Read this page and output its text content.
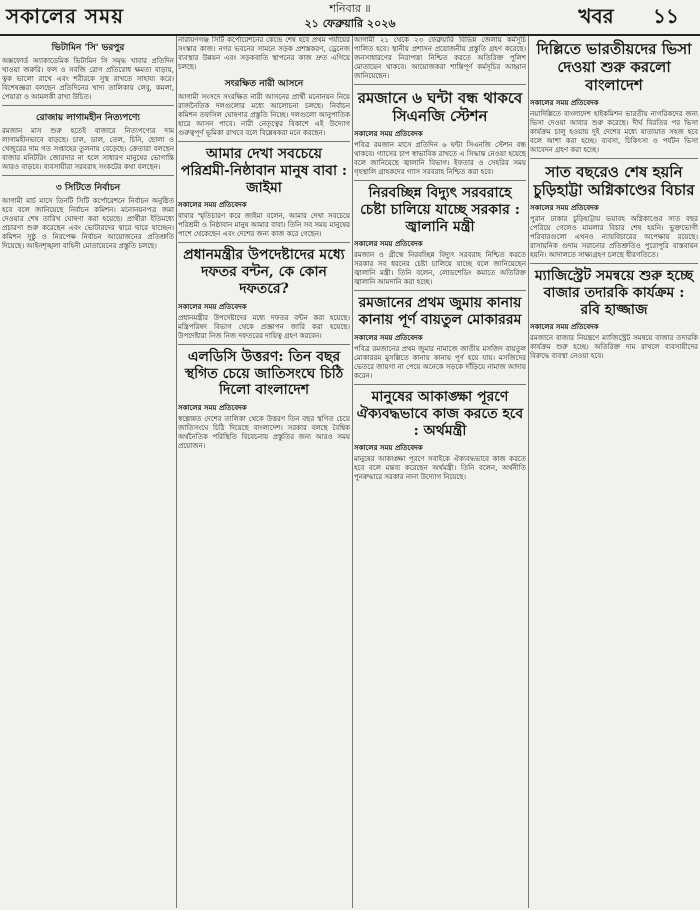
সকালের সময়	শনিবার ॥
২১ ফেব্রুয়ারি ২০২৬	খবর	১১
ভিটামিন 'সি' ভরপুর

অক্সফোর্ড অ্যাকাডেমিক ভিটামিন সি সমৃদ্ধ খাবার প্রতিদিন খাওয়া জরুরি। ফল ও সবজি রোগ প্রতিরোধ ক্ষমতা বাড়ায়, ত্বক ভালো রাখে এবং শরীরকে সুস্থ রাখতে সাহায্য করে। বিশেষজ্ঞরা বলছেন প্রতিদিনের খাদ্য তালিকায় লেবু, কমলা, পেয়ারা ও আমলকী রাখা উচিত।

রোজায় লাগামহীন নিত্যপণ্যে

রমজান মাস শুরু হতেই বাজারে নিত্যপণ্যের দাম লাগামহীনভাবে বাড়ছে। চাল, ডাল, তেল, চিনি, ছোলা ও খেজুরের দাম গত সপ্তাহের তুলনায় বেড়েছে। ক্রেতারা বলছেন বাজার মনিটরিং জোরদার না হলে সাধারণ মানুষের ভোগান্তি আরও বাড়বে। ব্যবসায়ীরা সরবরাহ সংকটের কথা বলছেন।

৩ সিটিতে নির্বাচন

আগামী মার্চ মাসে তিনটি সিটি কর্পোরেশনে নির্বাচন অনুষ্ঠিত হবে বলে জানিয়েছে নির্বাচন কমিশন। মনোনয়নপত্র জমা দেওয়ার শেষ তারিখ ঘোষণা করা হয়েছে। প্রার্থীরা ইতিমধ্যে প্রচারণা শুরু করেছেন এবং ভোটারদের দ্বারে দ্বারে যাচ্ছেন। কমিশন সুষ্ঠু ও নিরপেক্ষ নির্বাচন আয়োজনের প্রতিশ্রুতি দিয়েছে। আইনশৃঙ্খলা বাহিনী মোতায়েনের প্রস্তুতি চলছে।

নারায়ণগঞ্জ সিটি কর্পোরেশনের কেন্দ্রে শেষ হবে প্রথম পর্যায়ের সংস্কার কাজ। নগর ভবনের সামনে সড়ক প্রশস্তকরণ, ড্রেনেজ ব্যবস্থার উন্নয়ন এবং সড়কবাতি স্থাপনের কাজ দ্রুত এগিয়ে চলছে।

সংরক্ষিত নারী আসনে

আগামী সংসদে সংরক্ষিত নারী আসনের প্রার্থী মনোনয়ন নিয়ে রাজনৈতিক দলগুলোর মধ্যে আলোচনা চলছে। নির্বাচন কমিশন তফসিল ঘোষণার প্রস্তুতি নিচ্ছে। দলগুলো আনুপাতিক হারে আসন পাবে। নারী নেতৃত্বের বিকাশে এই উদ্যোগ গুরুত্বপূর্ণ ভূমিকা রাখবে বলে বিশ্লেষকরা মনে করছেন।

আমার দেখা সবচেয়ে পরিশ্রমী-নিষ্ঠাবান মানুষ বাবা : জাইমা
সকালের সময় প্রতিবেদক

বাবার স্মৃতিচারণ করে জাইমা বলেন, আমার দেখা সবচেয়ে পরিশ্রমী ও নিষ্ঠাবান মানুষ আমার বাবা। তিনি সব সময় মানুষের পাশে থেকেছেন এবং দেশের জন্য কাজ করে গেছেন।

প্রধানমন্ত্রীর উপদেষ্টাদের মধ্যে দফতর বন্টন, কে কোন দফতরে?
সকালের সময় প্রতিবেদক

প্রধানমন্ত্রীর উপদেষ্টাদের মধ্যে দফতর বন্টন করা হয়েছে। মন্ত্রিপরিষদ বিভাগ থেকে প্রজ্ঞাপন জারি করা হয়েছে। উপদেষ্টারা নিজ নিজ দফতরের দায়িত্ব গ্রহণ করবেন।

এলডিসি উত্তরণ: তিন বছর স্থগিত চেয়ে জাতিসংঘে চিঠি দিলো বাংলাদেশ
সকালের সময় প্রতিবেদক

স্বল্পোন্নত দেশের তালিকা থেকে উত্তরণ তিন বছর স্থগিত চেয়ে জাতিসংঘে চিঠি দিয়েছে বাংলাদেশ। সরকার বলছে বৈশ্বিক অর্থনৈতিক পরিস্থিতি বিবেচনায় প্রস্তুতির জন্য আরও সময় প্রয়োজন।

আগামী ২১ থেকে ২৩ ফেব্রুয়ারি বিভিন্ন জেলায় কর্মসূচি পালিত হবে। স্থানীয় প্রশাসন প্রয়োজনীয় প্রস্তুতি গ্রহণ করেছে। জনসাধারণের নিরাপত্তা নিশ্চিত করতে অতিরিক্ত পুলিশ মোতায়েন থাকবে। আয়োজকরা শান্তিপূর্ণ কর্মসূচির আহ্বান জানিয়েছেন।

রমজানে ৬ ঘন্টা বন্ধ থাকবে সিএনজি স্টেশন
সকালের সময় প্রতিবেদক

পবিত্র রমজান মাসে প্রতিদিন ৬ ঘন্টা সিএনজি স্টেশন বন্ধ থাকবে। গ্যাসের চাপ স্বাভাবিক রাখতে এ সিদ্ধান্ত নেওয়া হয়েছে বলে জানিয়েছে জ্বালানি বিভাগ। ইফতার ও সেহরির সময় গৃহস্থালি গ্রাহকদের গ্যাস সরবরাহ নিশ্চিত করা হবে।

নিরবচ্ছিন্ন বিদ্যুৎ সরবরাহে চেষ্টা চালিয়ে যাচ্ছে সরকার : জ্বালানি মন্ত্রী
সকালের সময় প্রতিবেদক

রমজান ও গ্রীষ্মে নিরবচ্ছিন্ন বিদ্যুৎ সরবরাহ নিশ্চিত করতে সরকার সব ধরনের চেষ্টা চালিয়ে যাচ্ছে বলে জানিয়েছেন জ্বালানি মন্ত্রী। তিনি বলেন, লোডশেডিং কমাতে অতিরিক্ত জ্বালানি আমদানি করা হচ্ছে।

রমজানের প্রথম জুমায় কানায় কানায় পূর্ণ বায়তুল মোকাররম
সকালের সময় প্রতিবেদক

পবিত্র রমজানের প্রথম জুমার নামাজে জাতীয় মসজিদ বায়তুল মোকাররম মুসল্লিতে কানায় কানায় পূর্ণ হয়ে যায়। মসজিদের ভেতরে জায়গা না পেয়ে অনেকে সড়কে দাঁড়িয়ে নামাজ আদায় করেন।

মানুষের আকাঙ্ক্ষা পূরণে ঐক্যবদ্ধভাবে কাজ করতে হবে : অর্থমন্ত্রী
সকালের সময় প্রতিবেদক

মানুষের আকাঙ্ক্ষা পূরণে সবাইকে ঐক্যবদ্ধভাবে কাজ করতে হবে বলে মন্তব্য করেছেন অর্থমন্ত্রী। তিনি বলেন, অর্থনীতি পুনরুদ্ধারে সরকার নানা উদ্যোগ নিয়েছে।

দিল্লিতে ভারতীয়দের ভিসা দেওয়া শুরু করলো বাংলাদেশ
সকালের সময় প্রতিবেদক

নয়াদিল্লিতে বাংলাদেশ হাইকমিশন ভারতীয় নাগরিকদের জন্য ভিসা দেওয়া আবার শুরু করেছে। দীর্ঘ বিরতির পর ভিসা কার্যক্রম চালু হওয়ায় দুই দেশের মধ্যে যাতায়াত সহজ হবে বলে আশা করা হচ্ছে। ব্যবসা, চিকিৎসা ও পর্যটন ভিসা আবেদন গ্রহণ করা হচ্ছে।

সাত বছরেও শেষ হয়নি চুড়িহাট্টা অগ্নিকাণ্ডের বিচার
সকালের সময় প্রতিবেদক

পুরান ঢাকার চুড়িহাট্টায় ভয়াবহ অগ্নিকাণ্ডের সাত বছর পেরিয়ে গেলেও মামলার বিচার শেষ হয়নি। ভুক্তভোগী পরিবারগুলো এখনও ন্যায়বিচারের অপেক্ষায় রয়েছে। রাসায়নিক গুদাম সরানোর প্রতিশ্রুতিও পুরোপুরি বাস্তবায়ন হয়নি। আদালতে সাক্ষ্যগ্রহণ চলছে ধীরগতিতে।

ম্যাজিস্ট্রেট সমন্বয়ে শুরু হচ্ছে বাজার তদারকি কার্যক্রম : রবি হাজ্জাজ
সকালের সময় প্রতিবেদক

রমজানে বাজার নিয়ন্ত্রণে ম্যাজিস্ট্রেট সমন্বয়ে বাজার তদারকি কার্যক্রম শুরু হচ্ছে। অতিরিক্ত দাম রাখলে ব্যবসায়ীদের বিরুদ্ধে ব্যবস্থা নেওয়া হবে।
